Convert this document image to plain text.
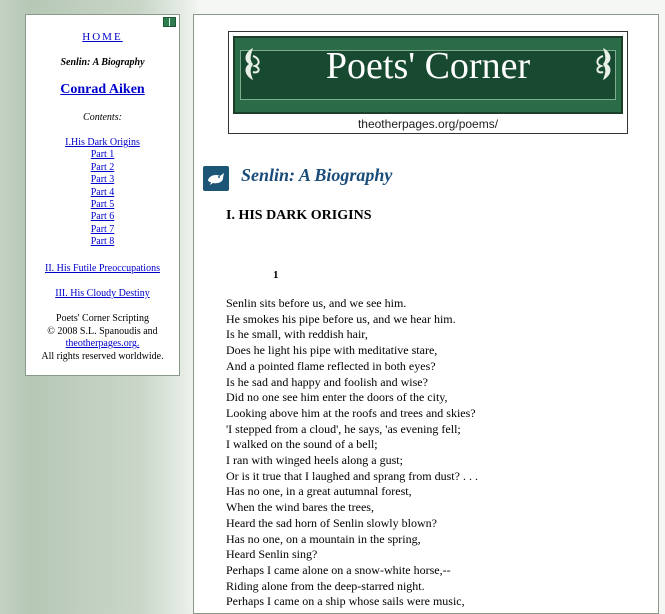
HOME
Senlin: A Biography
Conrad Aiken
Contents:
I.His Dark Origins
Part 1
Part 2
Part 3
Part 4
Part 5
Part 6
Part 7
Part 8
II. His Futile Preoccupations
III. His Cloudy Destiny
Poets' Corner Scripting
© 2008 S.L. Spanoudis and
theotherpages.org.
All rights reserved worldwide.
Poets' Corner
theotherpages.org/poems/
Senlin: A Biography
I. HIS DARK ORIGINS
1
Senlin sits before us, and we see him.
He smokes his pipe before us, and we hear him.
Is he small, with reddish hair,
Does he light his pipe with meditative stare,
And a pointed flame reflected in both eyes?
Is he sad and happy and foolish and wise?
Did no one see him enter the doors of the city,
Looking above him at the roofs and trees and skies?
'I stepped from a cloud', he says, 'as evening fell;
I walked on the sound of a bell;
I ran with winged heels along a gust;
Or is it true that I laughed and sprang from dust? . . .
Has no one, in a great autumnal forest,
When the wind bares the trees,
Heard the sad horn of Senlin slowly blown?
Has no one, on a mountain in the spring,
Heard Senlin sing?
Perhaps I came alone on a snow-white horse,--
Riding alone from the deep-starred night.
Perhaps I came on a ship whose sails were music,
